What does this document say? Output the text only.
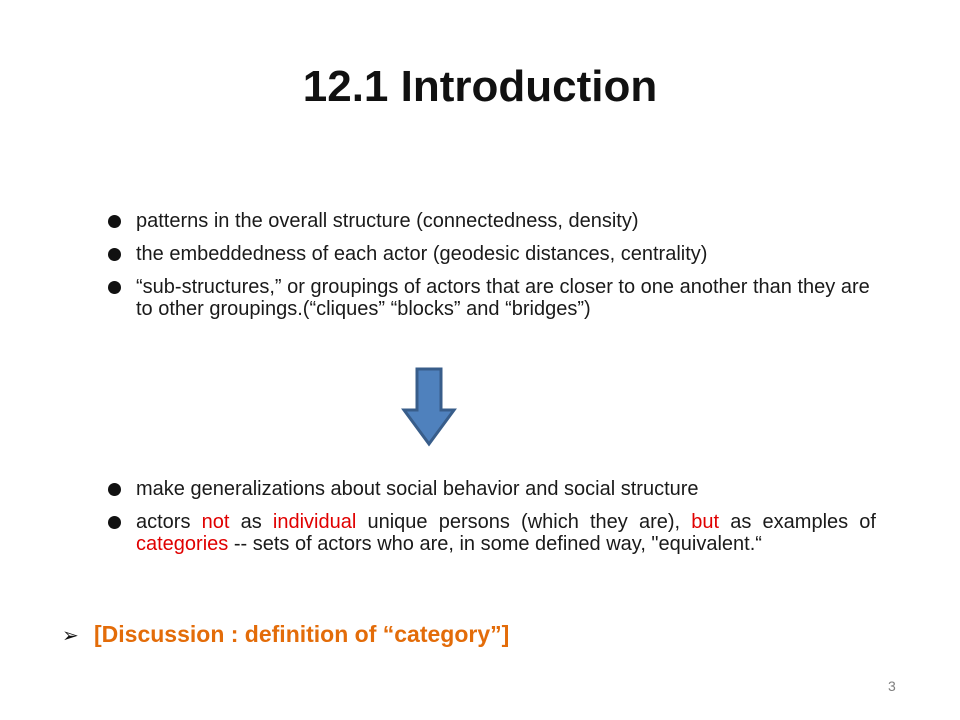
12.1 Introduction
patterns in the overall structure (connectedness, density)
the embeddedness of each actor (geodesic distances, centrality)
“sub-structures,” or groupings of actors that are closer to one another than they are to other groupings.(“cliques” “blocks” and “bridges”)
make generalizations about social behavior and social structure
actors not as individual unique persons (which they are), but as examples of categories -- sets of actors who are, in some defined way, "equivalent.“
➢ [Discussion : definition of “category”]
3
